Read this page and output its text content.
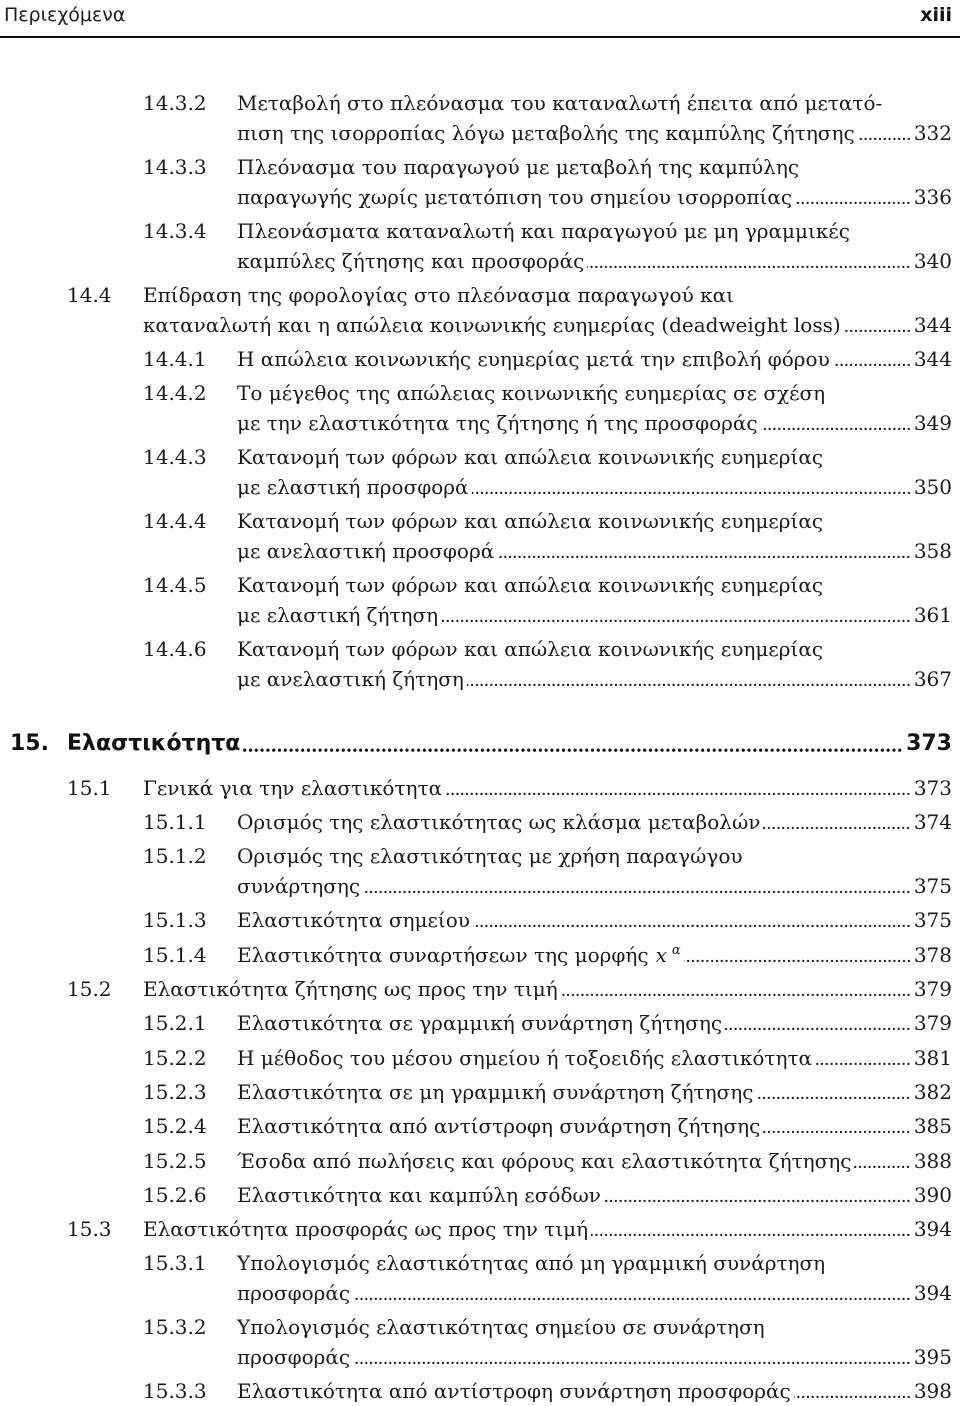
Περιεχόμενα	xiii
14.3.2	Μεταβολή στο πλεόνασμα του καταναλωτή έπειτα από μετατό-
πιση της ισορροπίας λόγω μεταβολής της καμπύλης ζήτησης	332
14.3.3	Πλεόνασμα του παραγωγού με μεταβολή της καμπύλης
παραγωγής χωρίς μετατόπιση του σημείου ισορροπίας	336
14.3.4	Πλεονάσματα καταναλωτή και παραγωγού με μη γραμμικές
καμπύλες ζήτησης και προσφοράς	340
14.4	Επίδραση της φορολογίας στο πλεόνασμα παραγωγού και
καταναλωτή και η απώλεια κοινωνικής ευημερίας (deadweight loss)	344
14.4.1	Η απώλεια κοινωνικής ευημερίας μετά την επιβολή φόρου	344
14.4.2	Το μέγεθος της απώλειας κοινωνικής ευημερίας σε σχέση
με την ελαστικότητα της ζήτησης ή της προσφοράς	349
14.4.3	Κατανομή των φόρων και απώλεια κοινωνικής ευημερίας
με ελαστική προσφορά	350
14.4.4	Κατανομή των φόρων και απώλεια κοινωνικής ευημερίας
με ανελαστική προσφορά	358
14.4.5	Κατανομή των φόρων και απώλεια κοινωνικής ευημερίας
με ελαστική ζήτηση	361
14.4.6	Κατανομή των φόρων και απώλεια κοινωνικής ευημερίας
με ανελαστική ζήτηση	367
15. Ελαστικότητα	373
15.1	Γενικά για την ελαστικότητα	373
15.1.1	Ορισμός της ελαστικότητας ως κλάσμα μεταβολών	374
15.1.2	Ορισμός της ελαστικότητας με χρήση παραγώγου
συνάρτησης	375
15.1.3	Ελαστικότητα σημείου	375
15.1.4	Ελαστικότητα συναρτήσεων της μορφής x $^\alpha$	378
15.2	Ελαστικότητα ζήτησης ως προς την τιμή	379
15.2.1	Ελαστικότητα σε γραμμική συνάρτηση ζήτησης	379
15.2.2	Η μέθοδος του μέσου σημείου ή τοξοειδής ελαστικότητα	381
15.2.3	Ελαστικότητα σε μη γραμμική συνάρτηση ζήτησης	382
15.2.4	Ελαστικότητα από αντίστροφη συνάρτηση ζήτησης	385
15.2.5	Έσοδα από πωλήσεις και φόρους και ελαστικότητα ζήτησης	388
15.2.6	Ελαστικότητα και καμπύλη εσόδων	390
15.3	Ελαστικότητα προσφοράς ως προς την τιμή	394
15.3.1	Υπολογισμός ελαστικότητας από μη γραμμική συνάρτηση
προσφοράς	394
15.3.2	Υπολογισμός ελαστικότητας σημείου σε συνάρτηση
προσφοράς	395
15.3.3	Ελαστικότητα από αντίστροφη συνάρτηση προσφοράς	398
